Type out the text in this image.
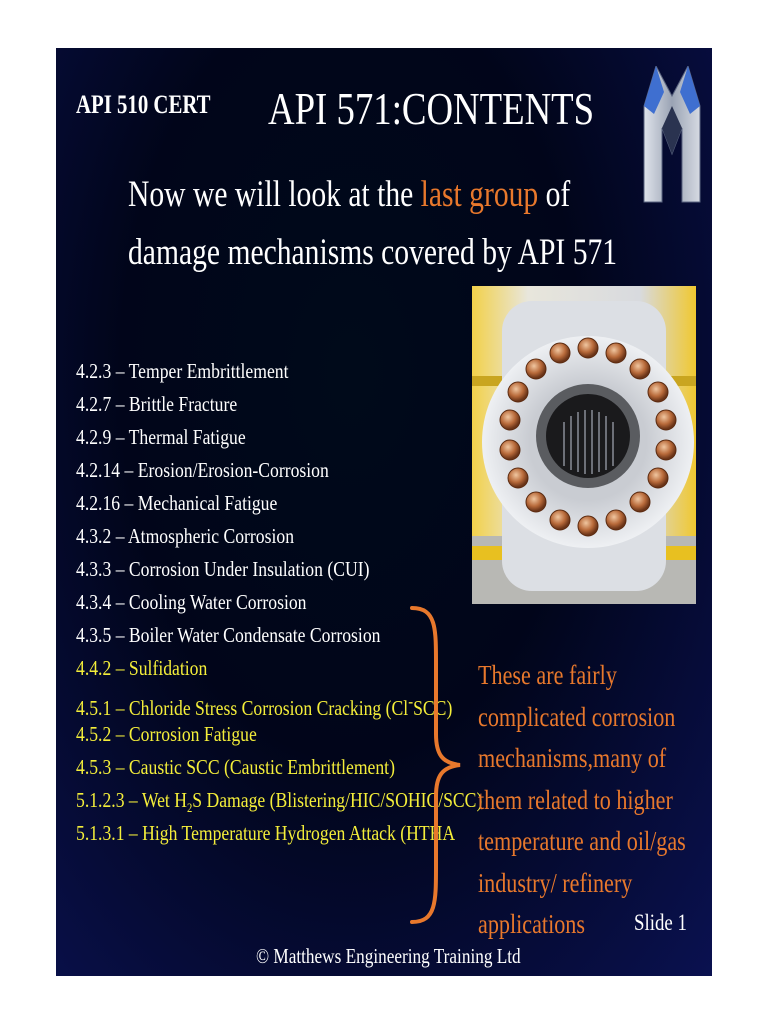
API 510 CERT API 571:CONTENTS
Now we will look at the last group of damage mechanisms covered by API 571
4.2.3 – Temper Embrittlement
4.2.7 – Brittle Fracture
4.2.9 – Thermal Fatigue
4.2.14 – Erosion/Erosion-Corrosion
4.2.16 – Mechanical Fatigue
4.3.2 – Atmospheric Corrosion
4.3.3 – Corrosion Under Insulation (CUI)
4.3.4 – Cooling Water Corrosion
4.3.5 – Boiler Water Condensate Corrosion
4.4.2 – Sulfidation
4.5.1 – Chloride Stress Corrosion Cracking (Cl-SCC)
4.5.2 – Corrosion Fatigue
4.5.3 – Caustic SCC (Caustic Embrittlement)
5.1.2.3 – Wet $H_2S$ Damage (Blistering/HIC/SOHIC/SCC)
5.1.3.1 – High Temperature Hydrogen Attack (HTHA
These are fairly complicated corrosion mechanisms,many of them related to higher temperature and oil/gas industry/ refinery applications	Slide 1
© Matthews Engineering Training Ltd
